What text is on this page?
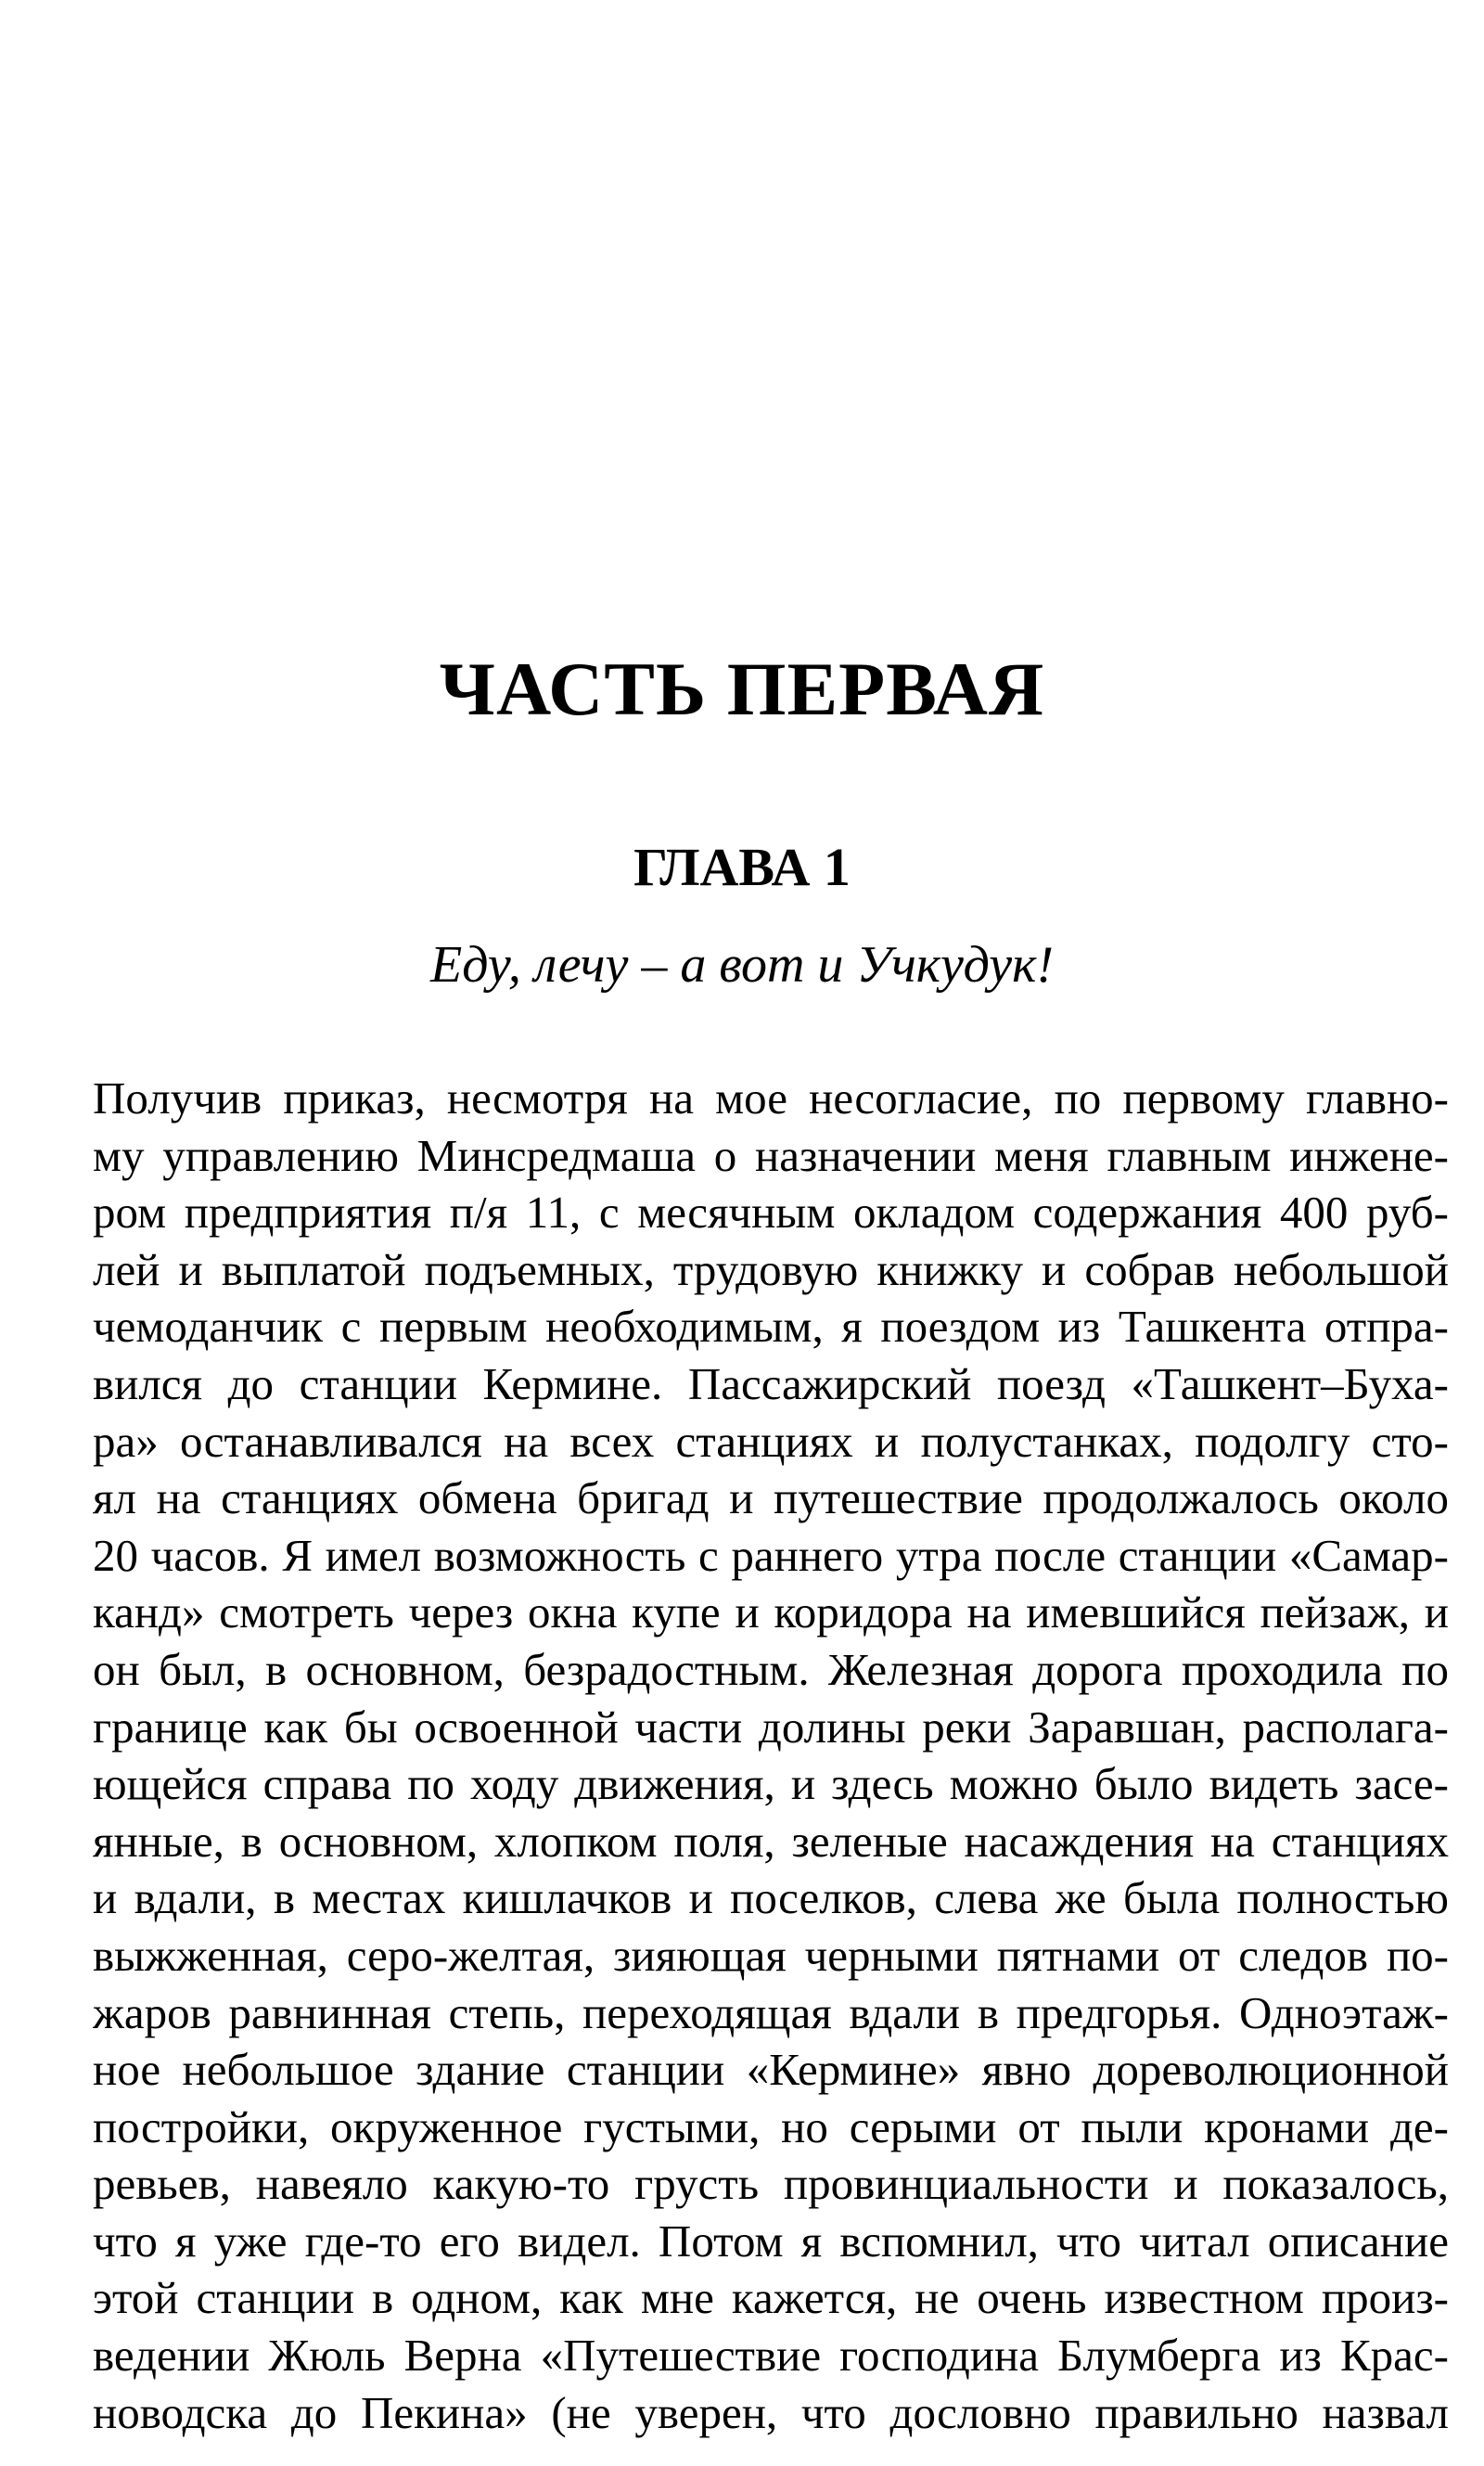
ЧАСТЬ ПЕРВАЯ
ГЛАВА 1
Еду, лечу – а вот и Учкудук!
Получив приказ, несмотря на мое несогласие, по первому главно-
му управлению Минсредмаша о назначении меня главным инжене-
ром предприятия п/я 11, с месячным окладом содержания 400 руб-
лей и выплатой подъемных, трудовую книжку и собрав небольшой
чемоданчик с первым необходимым, я поездом из Ташкента отпра-
вился до станции Кермине. Пассажирский поезд «Ташкент–Буха-
ра» останавливался на всех станциях и полустанках, подолгу сто-
ял на станциях обмена бригад и путешествие продолжалось около
20 часов. Я имел возможность с раннего утра после станции «Самар-
канд» смотреть через окна купе и коридора на имевшийся пейзаж, и
он был, в основном, безрадостным. Железная дорога проходила по
границе как бы освоенной части долины реки Заравшан, располага-
ющейся справа по ходу движения, и здесь можно было видеть засе-
янные, в основном, хлопком поля, зеленые насаждения на станциях
и вдали, в местах кишлачков и поселков, слева же была полностью
выжженная, серо-желтая, зияющая черными пятнами от следов по-
жаров равнинная степь, переходящая вдали в предгорья. Одноэтаж-
ное небольшое здание станции «Кермине» явно дореволюционной
постройки, окруженное густыми, но серыми от пыли кронами де-
ревьев, навеяло какую-то грусть провинциальности и показалось,
что я уже где-то его видел. Потом я вспомнил, что читал описание
этой станции в одном, как мне кажется, не очень известном произ-
ведении Жюль Верна «Путешествие господина Блумберга из Крас-
новодска до Пекина» (не уверен, что дословно правильно назвал
